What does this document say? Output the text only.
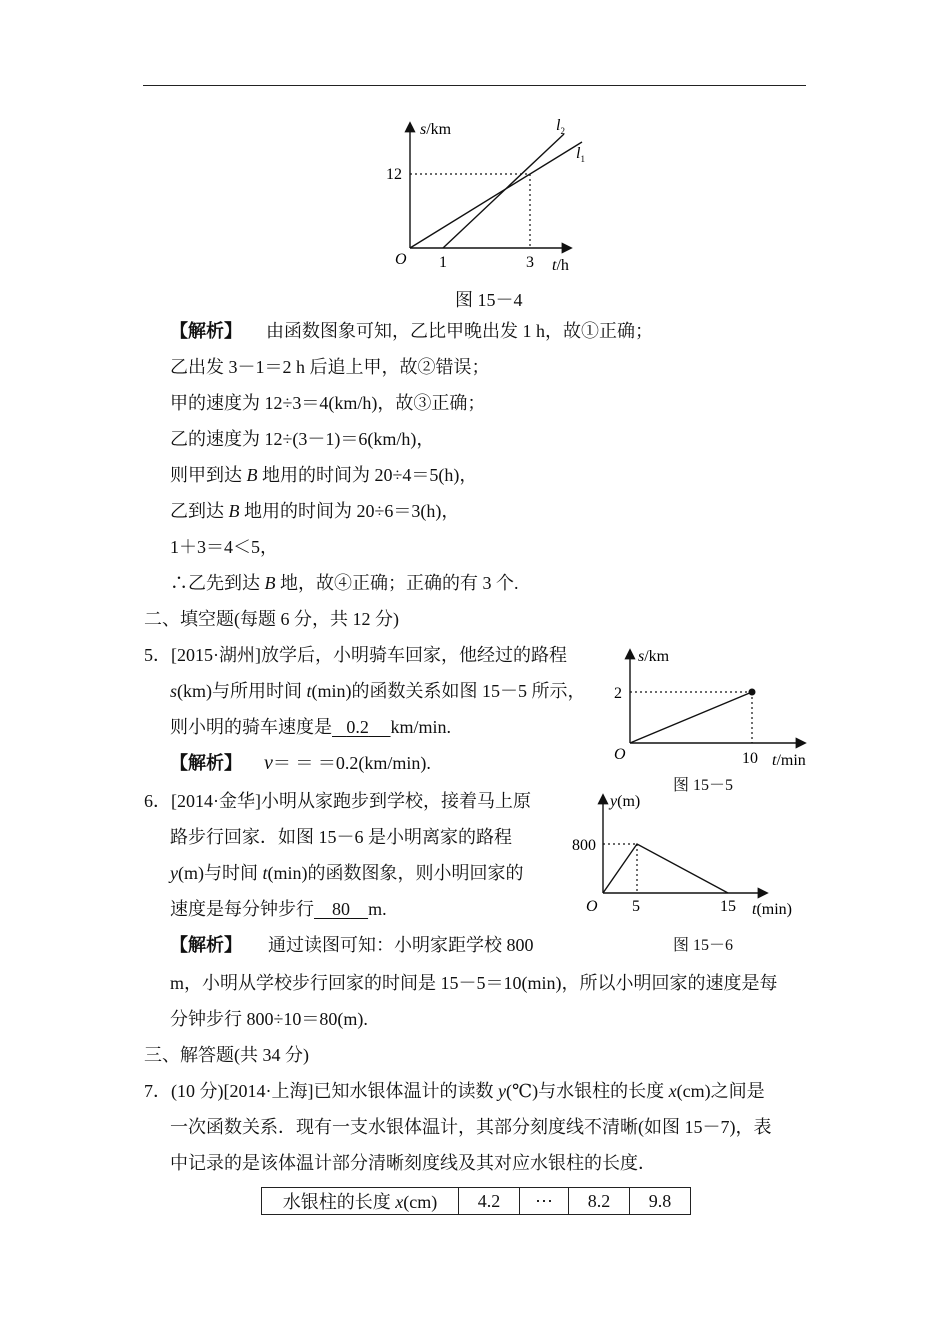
s/km
12
O 1	3 t/h
$l_2$
$l_1$
图 15－4
【解析】 由函数图象可知，乙比甲晚出发 1 h，故①正确；
乙出发 3－1＝2 h 后追上甲，故②错误；
甲的速度为 12÷3＝4(km/h)，故③正确；
乙的速度为 12÷(3－1)＝6(km/h)，
则甲到达 B 地用的时间为 20÷4＝5(h)，
乙到达 B 地用的时间为 20÷6＝3(h)，
1＋3＝4＜5，
∴乙先到达 B 地，故④正确；正确的有 3 个.
二、填空题(每题 6 分，共 12 分)
5．[2015·湖州]放学后，小明骑车回家，他经过的路程
s(km)与所用时间 t(min)的函数关系如图 15－5 所示，
则小明的骑车速度是     0.2       km/min.
【解析】 v＝ ＝ ＝0.2(km/min).
s/km
2
O	10 t/min
图 15－5
6．[2014·金华]小明从家跑步到学校，接着马上原
路步行回家．如图 15－6 是小明离家的路程
y(m)与时间 t(min)的函数图象，则小明回家的
速度是每分钟步行      80      m.
【解析】 通过读图可知：小明家距学校 800
m，小明从学校步行回家的时间是 15－5＝10(min)，所以小明回家的速度是每
分钟步行 800÷10＝80(m).
y(m)
800
O 5	15 t(min)
图 15－6
三、解答题(共 34 分)
7．(10 分)[2014·上海]已知水银体温计的读数 y(℃)与水银柱的长度 x(cm)之间是
一次函数关系．现有一支水银体温计，其部分刻度线不清晰(如图 15－7)，表
中记录的是该体温计部分清晰刻度线及其对应水银柱的长度．
水银柱的长度 x(cm)	4.2	⋯	8.2	9.8
